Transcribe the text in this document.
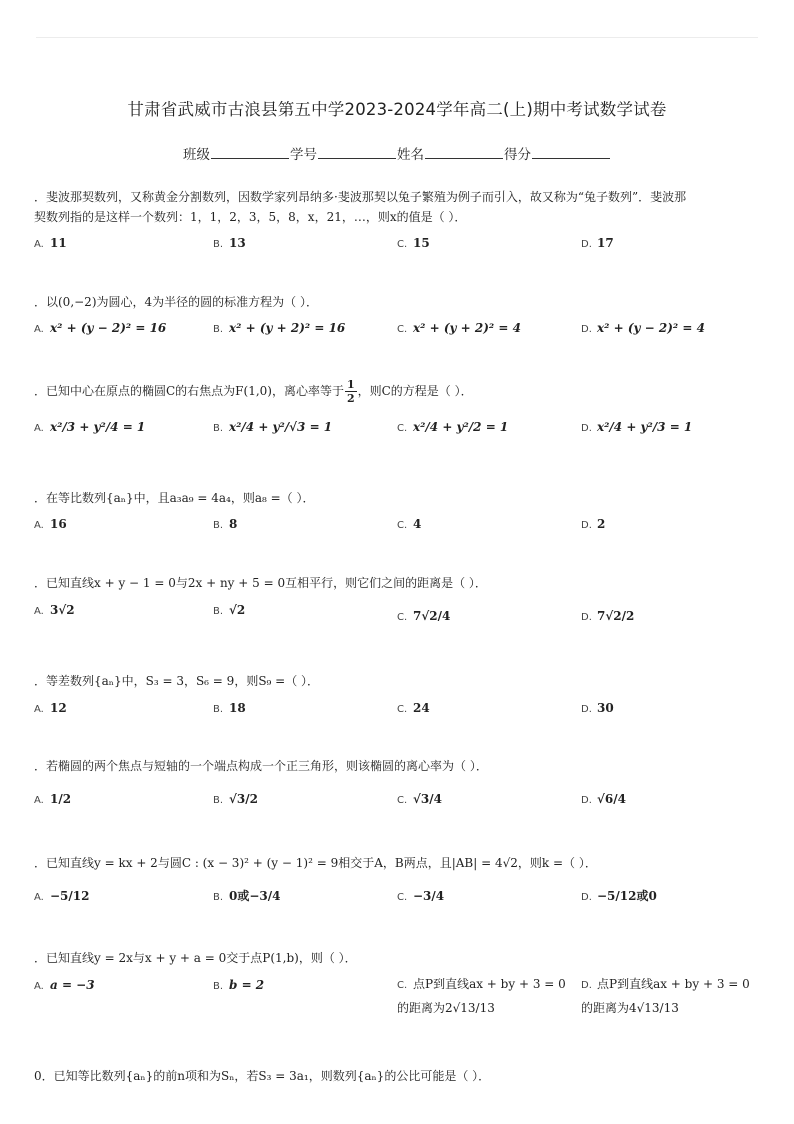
甘肃省武威市古浪县第五中学2023-2024学年高二(上)期中考试数学试卷
班级	学号	姓名	得分
．斐波那契数列，又称黄金分割数列，因数学家列昂纳多·斐波那契以兔子繁殖为例子而引入，故又称为“兔子数列”．斐波那
契数列指的是这样一个数列：1，1，2，3，5，8，x，21，…，则x的值是（ ）．
A. 11	B. 13	C. 15	D. 17
．以(0,−2)为圆心，4为半径的圆的标准方程为（ ）．
A. x² + (y − 2)² = 16	B. x² + (y + 2)² = 16	C. x² + (y + 2)² = 4	D. x² + (y − 2)² = 4
．已知中心在原点的椭圆C的右焦点为F(1,0)，离心率等于 $\frac{1}{2}$ ，则C的方程是（ ）．
A. x²/3 + y²/4 = 1	B. x²/4 + y²/√3 = 1	C. x²/4 + y²/2 = 1	D. x²/4 + y²/3 = 1
．在等比数列{aₙ}中，且a₃a₉ = 4a₄，则a₈ =（ ）．
A. 16	B. 8	C. 4	D. 2
．已知直线x + y − 1 = 0与2x + ny + 5 = 0互相平行，则它们之间的距离是（ ）．
A. 3√2	B. √2
C. 7√2/4	D. 7√2/2
．等差数列{aₙ}中，S₃ = 3，S₆ = 9，则S₉ =（ ）．
A. 12	B. 18	C. 24	D. 30
．若椭圆的两个焦点与短轴的一个端点构成一个正三角形，则该椭圆的离心率为（ ）．
A. 1/2	B. √3/2	C. √3/4	D. √6/4
．已知直线y = kx + 2与圆C : (x − 3)² + (y − 1)² = 9相交于A，B两点，且|AB| = 4√2，则k =（ ）．
A. −5/12	B. 0或−3/4	C. −3/4	D. −5/12或0
．已知直线y = 2x与x + y + a = 0交于点P(1,b)，则（ ）．
A. a = −3	B. b = 2	C. 点P到直线ax + by + 3 = 0的距离为2√13/13
D. 点P到直线ax + by + 3 = 0的距离为4√13/13
0．已知等比数列{aₙ}的前n项和为Sₙ，若S₃ = 3a₁，则数列{aₙ}的公比可能是（ ）．
